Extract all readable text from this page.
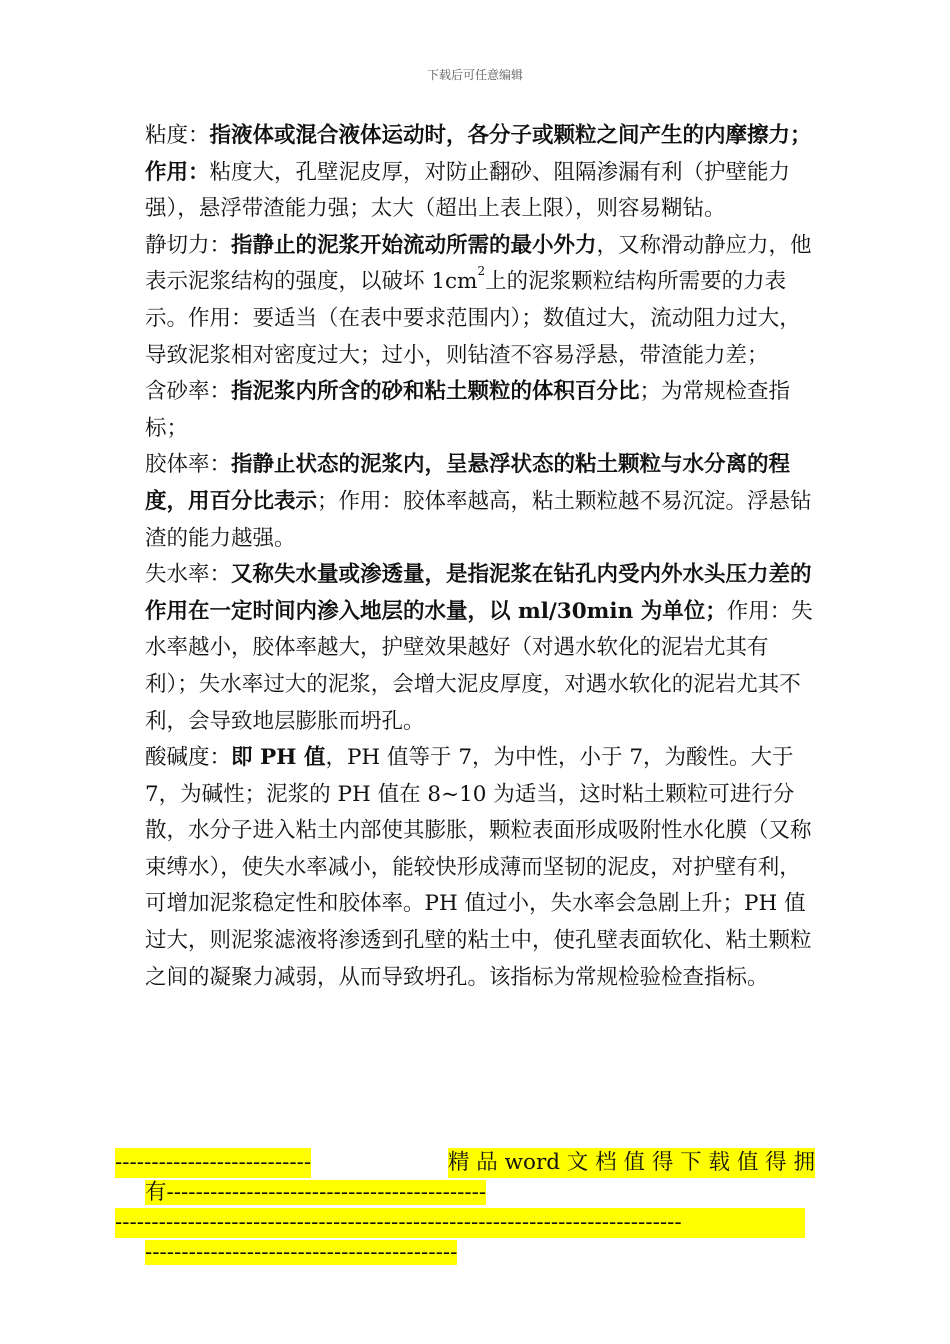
下载后可任意编辑

粘度：指液体或混合液体运动时，各分子或颗粒之间产生的内摩擦力；作用：粘度大，孔壁泥皮厚，对防止翻砂、阻隔渗漏有利（护壁能力强），悬浮带渣能力强；太大（超出上表上限），则容易糊钻。

静切力：指静止的泥浆开始流动所需的最小外力，又称滑动静应力，他表示泥浆结构的强度，以破坏 $1cm^2$上的泥浆颗粒结构所需要的力表示。作用：要适当（在表中要求范围内）；数值过大，流动阻力过大，导致泥浆相对密度过大；过小，则钻渣不容易浮悬，带渣能力差；

含砂率：指泥浆内所含的砂和粘土颗粒的体积百分比；为常规检查指标；

胶体率：指静止状态的泥浆内，呈悬浮状态的粘土颗粒与水分离的程度，用百分比表示；作用：胶体率越高，粘土颗粒越不易沉淀。浮悬钻渣的能力越强。

失水率：又称失水量或渗透量，是指泥浆在钻孔内受内外水头压力差的作用在一定时间内渗入地层的水量，以 ml/30min 为单位；作用：失水率越小，胶体率越大，护壁效果越好（对遇水软化的泥岩尤其有利）；失水率过大的泥浆，会增大泥皮厚度，对遇水软化的泥岩尤其不利，会导致地层膨胀而坍孔。

酸碱度：即 PH 值，PH 值等于 7，为中性，小于 7，为酸性。大于 7，为碱性；泥浆的 PH 值在 8~10 为适当，这时粘土颗粒可进行分散，水分子进入粘土内部使其膨胀，颗粒表面形成吸附性水化膜（又称束缚水），使失水率减小，能较快形成薄而坚韧的泥皮，对护壁有利，可增加泥浆稳定性和胶体率。PH 值过小，失水率会急剧上升；PH 值过大，则泥浆滤液将渗透到孔壁的粘土中，使孔壁表面软化、粘土颗粒之间的凝聚力减弱，从而导致坍孔。该指标为常规检验检查指标。

---------------------------	精 品 word 文 档 值 得 下 载 值 得 拥
有--------------------------------------------
------------------------------------------------------------------------------
-------------------------------------------
